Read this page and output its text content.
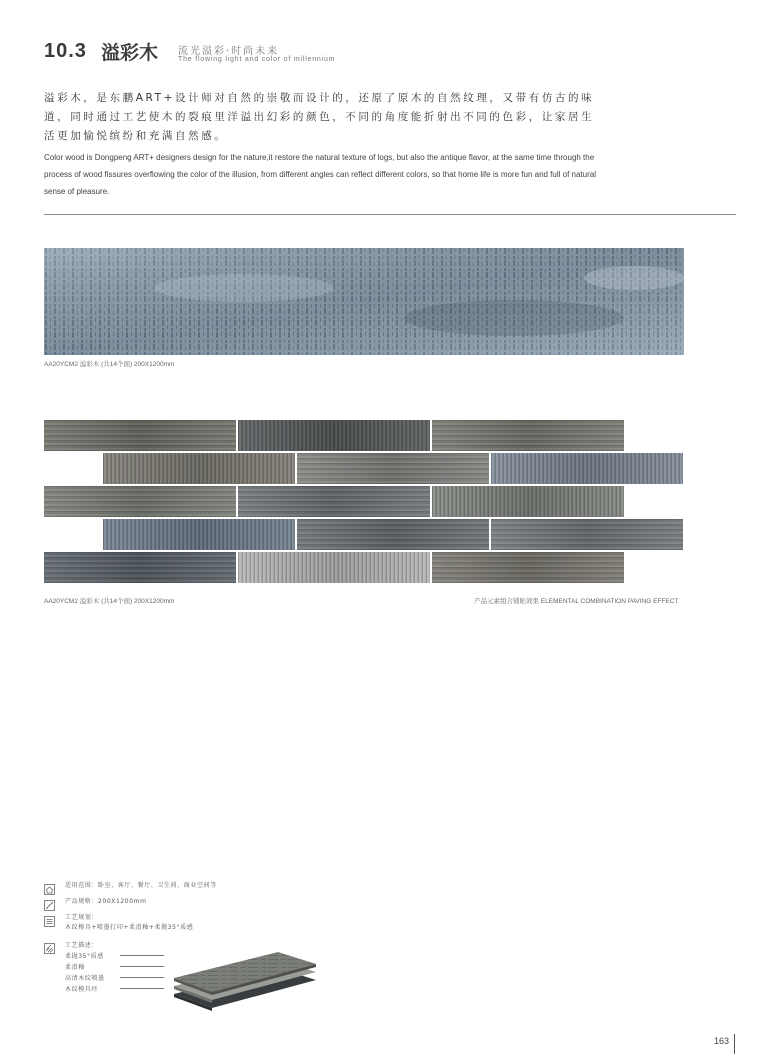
10.3 溢彩木 流光溢彩·时尚未来
The flowing light and color of millennium
溢彩木，是东鹏ART+设计师对自然的崇敬而设计的，还原了原木的自然纹理，又带有仿古的味道，同时通过工艺使木的裂痕里洋溢出幻彩的颜色，不同的角度能折射出不同的色彩，让家居生活更加愉悦缤纷和充满自然感。
Color wood is Dongpeng ART+ designers design for the nature,it restore the natural texture of logs, but also the antique flavor, at the same time through the process of wood fissures overflowing the color of the illusion, from different angles can reflect different colors, so that home life is more fun and full of natural sense of pleasure.
AA20YCM2 溢彩木 (共14个面) 200X1200mm
AA20YCM2 溢彩木 (共14个面) 200X1200mm	产品元素组合铺贴效果 ELEMENTAL COMBINATION PAVING EFFECT
适用范围：卧室、客厅、餐厅、卫生间、商业空间等
产品规格：200X1200mm
工艺规划：
木纹模具+喷墨打印+柔滑釉+柔抛35°质感
工艺描述：
柔抛35°质感
柔滑釉
高清木纹喷墨
木纹模具坯
163
